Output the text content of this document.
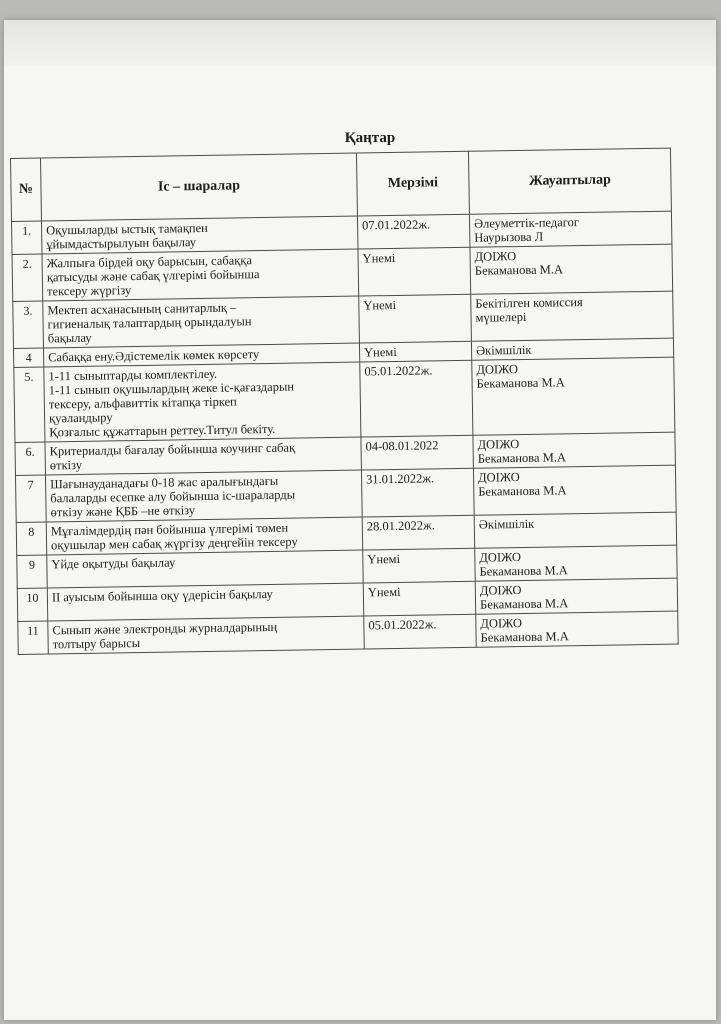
Қаңтар
№	Іс – шаралар	Мерзімі	Жауаптылар
1.	Оқушыларды ыстық тамақпен
ұйымдастырылуын бақылау	07.01.2022ж.	Әлеуметтік-педагог
Наурызова Л
2.	Жалпыға бірдей оқу барысын, сабаққа
қатысуды және сабақ үлгерімі бойынша
тексеру жүргізу	Үнемі	ДОІЖО
Бекаманова М.А
3.	Мектеп асханасының санитарлық –
гигиеналық талаптардың орындалуын
бақылау	Үнемі	Бекітілген комиссия
мүшелері
4	Сабаққа ену.Әдістемелік көмек көрсету	Үнемі	Әкімшілік
5.	1-11 сыныптарды комплектілеу.
1-11 сынып оқушылардың жеке іс-қағаздарын
тексеру, альфавиттік кітапқа тіркеп
қуәландыру
Қозғалыс құжаттарын реттеу.Титул бекіту.	05.01.2022ж.	ДОІЖО
Бекаманова М.А
6.	Критериалды бағалау бойынша коучинг сабақ
өткізу	04-08.01.2022	ДОІЖО
Бекаманова М.А
7	Шағынауданадағы 0-18 жас аралығындағы
балаларды есепке алу бойынша іс-шараларды
өткізу және ҚББ –не өткізу	31.01.2022ж.	ДОІЖО
Бекаманова М.А
8	Мұғалімдердің пән бойынша үлгерімі төмен
оқушылар мен сабақ жүргізу деңгейін тексеру	28.01.2022ж.	Әкімшілік
9	Үйде оқытуды бақылау	Үнемі	ДОІЖО
Бекаманова М.А
10	ІІ ауысым бойынша оқу үдерісін бақылау	Үнемі	ДОІЖО
Бекаманова М.А
11	Сынып және электронды журналдарының
толтыру барысы	05.01.2022ж.	ДОІЖО
Бекаманова М.А
